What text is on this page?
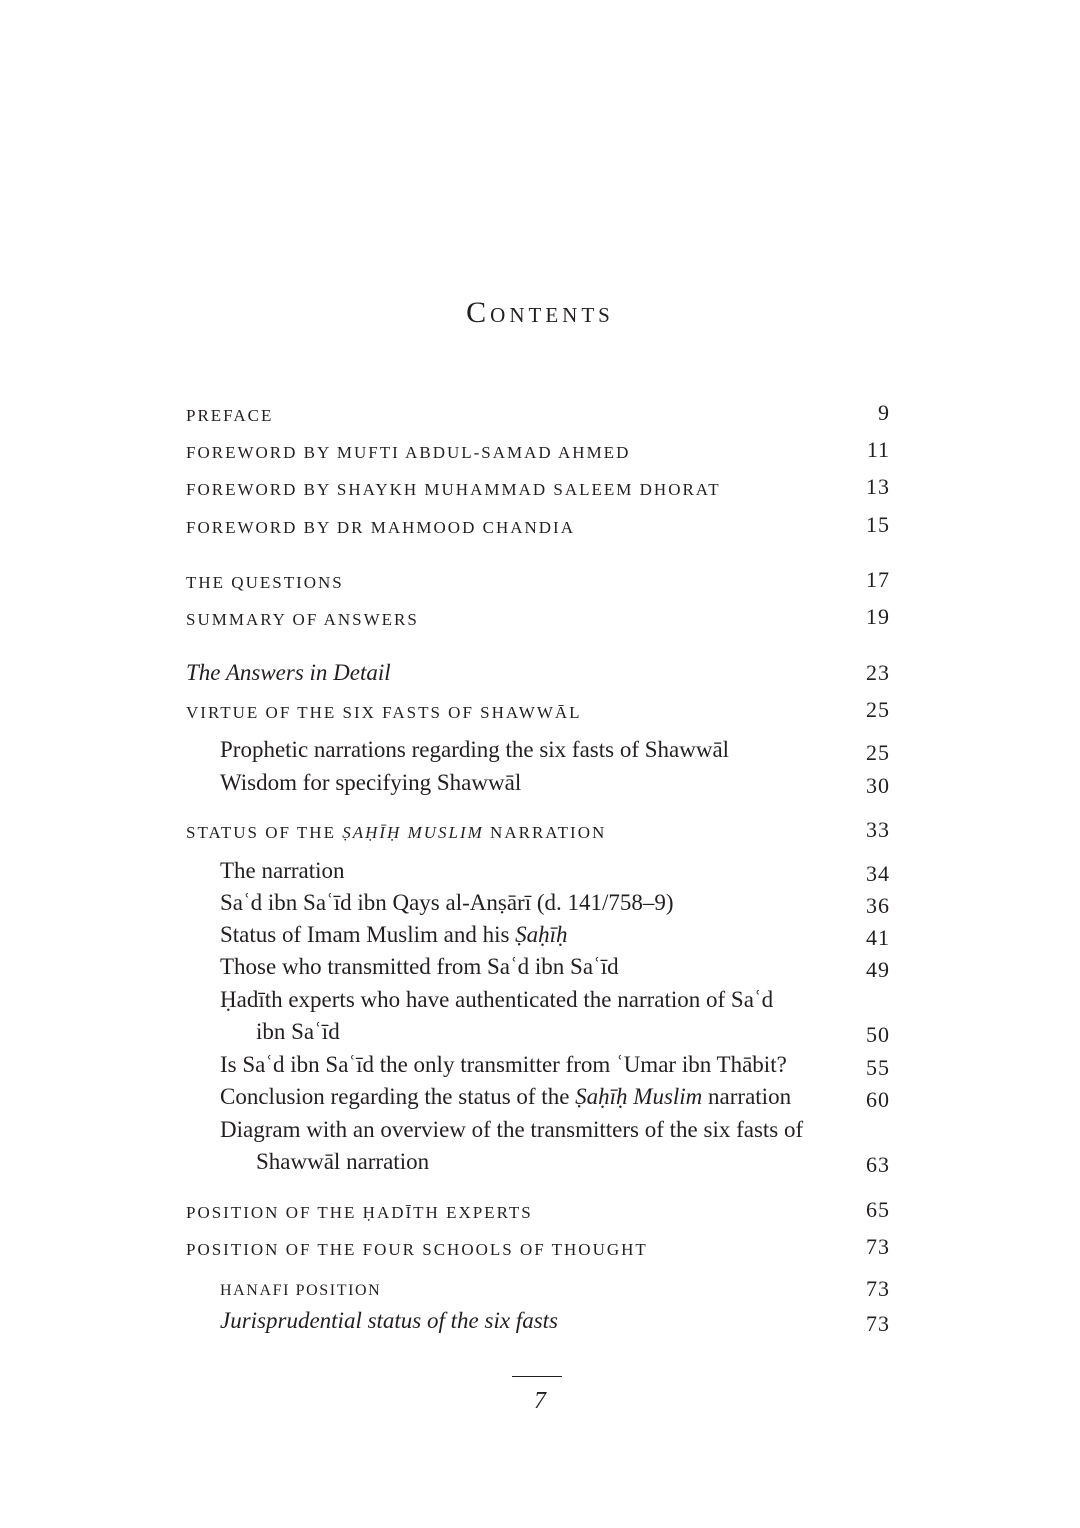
Contents
PREFACE	9
FOREWORD BY MUFTI ABDUL-SAMAD AHMED	11
FOREWORD BY SHAYKH MUHAMMAD SALEEM DHORAT	13
FOREWORD BY DR MAHMOOD CHANDIA	15
THE QUESTIONS	17
SUMMARY OF ANSWERS	19
The Answers in Detail	23
VIRTUE OF THE SIX FASTS OF SHAWWĀL	25
Prophetic narrations regarding the six fasts of Shawwāl	25
Wisdom for specifying Shawwāl	30
STATUS OF THE ṢAḤĪḤ MUSLIM NARRATION	33
The narration	34
Saʿd ibn Saʿīd ibn Qays al-Anṣārī (d. 141/758–9)	36
Status of Imam Muslim and his Ṣaḥīḥ	41
Those who transmitted from Saʿd ibn Saʿīd	49
Ḥadīth experts who have authenticated the narration of Saʿd
ibn Saʿīd	50
Is Saʿd ibn Saʿīd the only transmitter from ʿUmar ibn Thābit?	55
Conclusion regarding the status of the Ṣaḥīḥ Muslim narration	60
Diagram with an overview of the transmitters of the six fasts of
Shawwāl narration	63
POSITION OF THE ḤADĪTH EXPERTS	65
POSITION OF THE FOUR SCHOOLS OF THOUGHT	73
HANAFI POSITION	73
Jurisprudential status of the six fasts	73
7
